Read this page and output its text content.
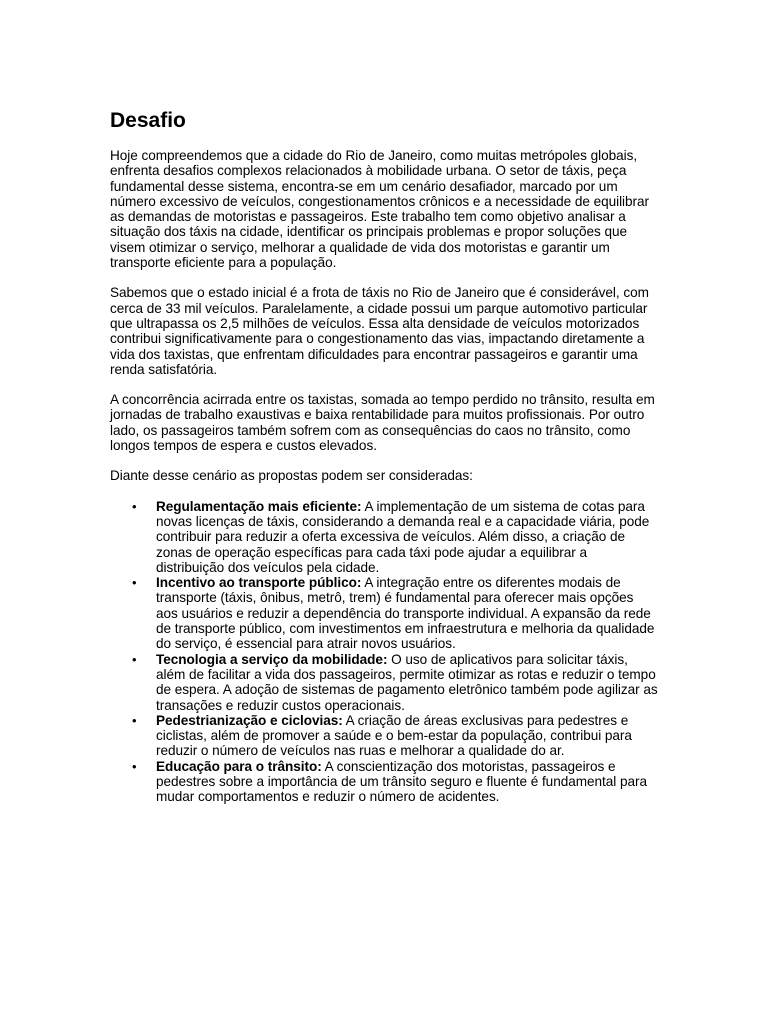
Desafio

Hoje compreendemos que a cidade do Rio de Janeiro, como muitas metrópoles globais, enfrenta desafios complexos relacionados à mobilidade urbana. O setor de táxis, peça fundamental desse sistema, encontra-se em um cenário desafiador, marcado por um número excessivo de veículos, congestionamentos crônicos e a necessidade de equilibrar as demandas de motoristas e passageiros. Este trabalho tem como objetivo analisar a situação dos táxis na cidade, identificar os principais problemas e propor soluções que visem otimizar o serviço, melhorar a qualidade de vida dos motoristas e garantir um transporte eficiente para a população.

Sabemos que o estado inicial é a frota de táxis no Rio de Janeiro que é considerável, com cerca de 33 mil veículos. Paralelamente, a cidade possui um parque automotivo particular que ultrapassa os 2,5 milhões de veículos. Essa alta densidade de veículos motorizados contribui significativamente para o congestionamento das vias, impactando diretamente a vida dos taxistas, que enfrentam dificuldades para encontrar passageiros e garantir uma renda satisfatória.

A concorrência acirrada entre os taxistas, somada ao tempo perdido no trânsito, resulta em jornadas de trabalho exaustivas e baixa rentabilidade para muitos profissionais. Por outro lado, os passageiros também sofrem com as consequências do caos no trânsito, como longos tempos de espera e custos elevados.

Diante desse cenário as propostas podem ser consideradas:

• Regulamentação mais eficiente: A implementação de um sistema de cotas para novas licenças de táxis, considerando a demanda real e a capacidade viária, pode contribuir para reduzir a oferta excessiva de veículos. Além disso, a criação de zonas de operação específicas para cada táxi pode ajudar a equilibrar a distribuição dos veículos pela cidade.
• Incentivo ao transporte público: A integração entre os diferentes modais de transporte (táxis, ônibus, metrô, trem) é fundamental para oferecer mais opções aos usuários e reduzir a dependência do transporte individual. A expansão da rede de transporte público, com investimentos em infraestrutura e melhoria da qualidade do serviço, é essencial para atrair novos usuários.
• Tecnologia a serviço da mobilidade: O uso de aplicativos para solicitar táxis, além de facilitar a vida dos passageiros, permite otimizar as rotas e reduzir o tempo de espera. A adoção de sistemas de pagamento eletrônico também pode agilizar as transações e reduzir custos operacionais.
• Pedestrianização e ciclovias: A criação de áreas exclusivas para pedestres e ciclistas, além de promover a saúde e o bem-estar da população, contribui para reduzir o número de veículos nas ruas e melhorar a qualidade do ar.
• Educação para o trânsito: A conscientização dos motoristas, passageiros e pedestres sobre a importância de um trânsito seguro e fluente é fundamental para mudar comportamentos e reduzir o número de acidentes.
